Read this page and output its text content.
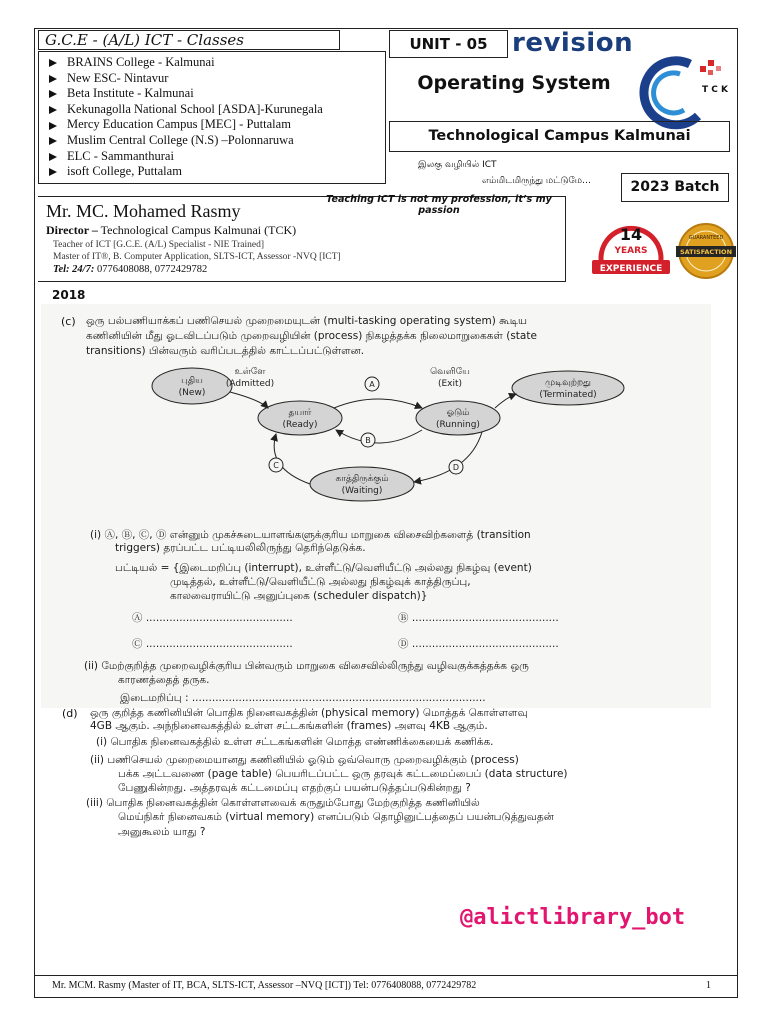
G.C.E - (A/L) ICT - Classes
BRAINS College - Kalmunai
New ESC- Nintavur
Beta Institute - Kalmunai
Kekunagolla National School [ASDA]-Kurunegala
Mercy Education Campus [MEC] - Puttalam
Muslim Central College (N.S) –Polonnaruwa
ELC - Sammanthurai
isoft College, Puttalam
UNIT - 05 revision
Operating System	T C K
Technological Campus Kalmunai
இலகு வழியில் ICT
எம்மிடமிருந்து மட்டுமே…	2023 Batch
Teaching ICT is not my profession, it’s my passion
Mr. MC. Mohamed Rasmy
Director – Technological Campus Kalmunai (TCK)
Teacher of ICT [G.C.E. (A/L) Specialist - NIE Trained]
Master of IT®, B. Computer Application, SLTS-ICT, Assessor -NVQ [ICT]
Tel: 24/7: 0776408088, 0772429782
14
YEARS
EXPERIENCE
GUARANTEED
SATISFACTION
2018
(c) ஒரு பல்பணியாக்கப் பணிசெயல் முறைமையுடன் (multi-tasking operating system) கூடிய
கணினியின் மீது ஓடவிடப்படும் முறைவழியின் (process) நிகழத்தக்க நிலைமாறுகைகள் (state
transitions) பின்வரும் வரிப்படத்தில் காட்டப்பட்டுள்ளன.
புதிய
(New)
தயார்
(Ready)
ஓடும்
(Running)
முடிவுற்றது
(Terminated)
காத்திருக்கும்
(Waiting)
உள்ளே
(Admitted)
வெளியே
(Exit)
A
B
C	D
(i) Ⓐ, Ⓑ, Ⓒ, Ⓓ என்னும் முகச்சுடையாளங்களுக்குரிய மாறுகை விசைவிற்களைத் (transition
triggers) தரப்பட்ட பட்டியலிலிருந்து தெரிந்தெடுக்க.
பட்டியல் = {இடைமறிப்பு (interrupt), உள்ளீட்டு/வெளியீட்டு அல்லது நிகழ்வு (event)
முடித்தல், உள்ளீட்டு/வெளியீட்டு அல்லது நிகழ்வுக் காத்திருப்பு,
காலவைராயிட்டு அனுப்புகை (scheduler dispatch)}
Ⓐ ............................................	Ⓑ ............................................
Ⓒ ............................................	Ⓓ ............................................
(ii) மேற்குறித்த முறைவழிக்குரிய பின்வரும் மாறுகை விசைவில்லிருந்து வழிவகுக்கத்தக்க ஒரு
காரணத்தைத் தருக.
இடைமறிப்பு : ........................................................................................
(d) ஒரு குறித்த கணினியின் பொதிக நினைவகத்தின் (physical memory) மொத்தக் கொள்ளளவு
4GB ஆகும். அந்நினைவகத்தில் உள்ள சட்டகங்களின் (frames) அளவு 4KB ஆகும்.
(i) பொதிக நினைவகத்தில் உள்ள சட்டகங்களின் மொத்த எண்ணிக்கையைக் கணிக்க.
(ii) பணிசெயல் முறைமையானது கணினியில் ஓடும் ஒவ்வொரு முறைவழிக்கும் (process)
பக்க அட்டவணை (page table) பெயரிடப்பட்ட ஒரு தரவுக் கட்டமைப்பைப் (data structure)
பேணுகின்றது. அத்தரவுக் கட்டமைப்பு எதற்குப் பயன்படுத்தப்படுகின்றது ?
(iii) பொதிக நினைவகத்தின் கொள்ளளவைக் கருதும்போது மேற்குறித்த கணினியில்
மெய்நிகர் நினைவகம் (virtual memory) எனப்படும் தொழினுட்பத்தைப் பயன்படுத்துவதன்
அனுகூலம் யாது ?
@alictlibrary_bot
Mr. MCM. Rasmy (Master of IT, BCA, SLTS-ICT, Assessor –NVQ [ICT]) Tel: 0776408088, 0772429782	1
